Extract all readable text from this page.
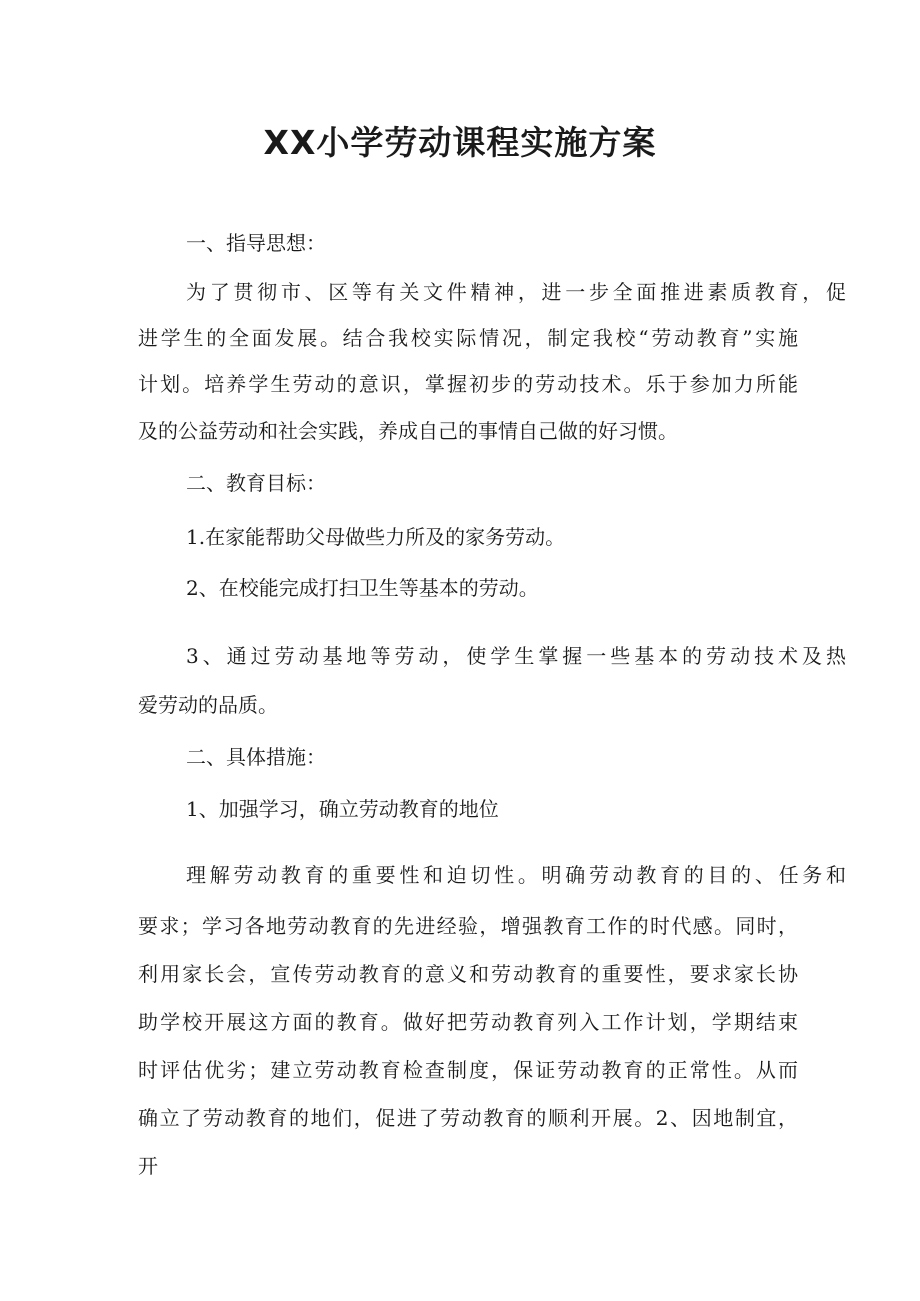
XX小学劳动课程实施方案

一、指导思想：

为了贯彻市、区等有关文件精神，进一步全面推进素质教育，促

进学生的全面发展。结合我校实际情况，制定我校“劳动教育”实施

计划。培养学生劳动的意识，掌握初步的劳动技术。乐于参加力所能

及的公益劳动和社会实践，养成自己的事情自己做的好习惯。

二、教育目标：

1.在家能帮助父母做些力所及的家务劳动。

2、在校能完成打扫卫生等基本的劳动。

3、通过劳动基地等劳动，使学生掌握一些基本的劳动技术及热

爱劳动的品质。

二、具体措施：

1、加强学习，确立劳动教育的地位

理解劳动教育的重要性和迫切性。明确劳动教育的目的、任务和

要求；学习各地劳动教育的先进经验，增强教育工作的时代感。同时，

利用家长会，宣传劳动教育的意义和劳动教育的重要性，要求家长协

助学校开展这方面的教育。做好把劳动教育列入工作计划，学期结束

时评估优劣；建立劳动教育检查制度，保证劳动教育的正常性。从而

确立了劳动教育的地们，促进了劳动教育的顺利开展。2、因地制宜，

开
